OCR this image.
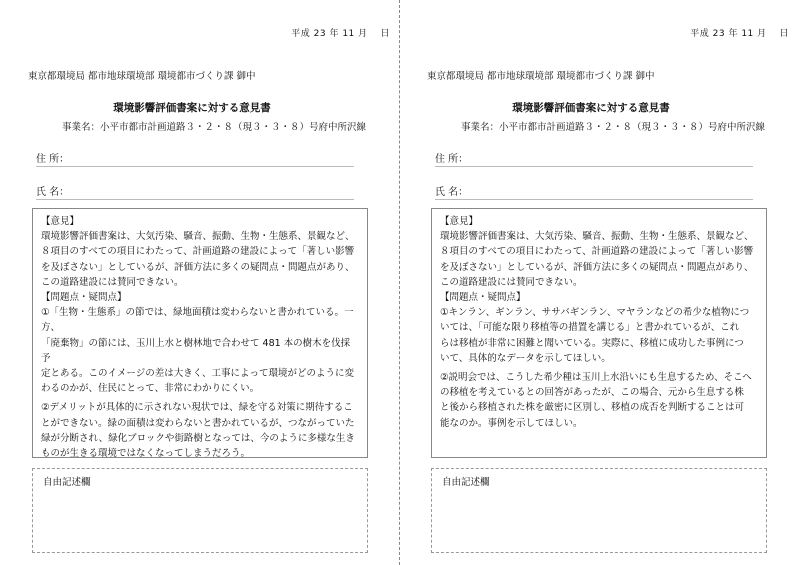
平成 23 年 11 月　 日
東京都環境局 都市地球環境部 環境都市づくり課 御中
環境影響評価書案に対する意見書
事業名：小平市都市計画道路３・２・８（現３・３・８）号府中所沢線
住 所：
氏 名：

【意見】

環境影響評価書案は、大気汚染、騒音、振動、生物・生態系、景観など、

８項目のすべての項目にわたって、計画道路の建設によって「著しい影響

を及ぼさない」としているが、評価方法に多くの疑問点・問題点があり、

この道路建設には賛同できない。

【問題点・疑問点】

①「生物・生態系」の節では、緑地面積は変わらないと書かれている。一方、

「廃棄物」の節には、玉川上水と樹林地で合わせて 481 本の樹木を伐採予

定とある。このイメージの差は大きく、工事によって環境がどのように変

わるのかが、住民にとって、非常にわかりにくい。

②デメリットが具体的に示されない現状では、緑を守る対策に期待するこ

とができない。緑の面積は変わらないと書かれているが、つながっていた

緑が分断され、緑化ブロックや街路樹となっては、今のように多様な生き

ものが生きる環境ではなくなってしまうだろう。

自由記述欄
平成 23 年 11 月　 日
東京都環境局 都市地球環境部 環境都市づくり課 御中
環境影響評価書案に対する意見書
事業名：小平市都市計画道路３・２・８（現３・３・８）号府中所沢線
住 所：
氏 名：

【意見】

環境影響評価書案は、大気汚染、騒音、振動、生物・生態系、景観など、

８項目のすべての項目にわたって、計画道路の建設によって「著しい影響

を及ぼさない」としているが、評価方法に多くの疑問点・問題点があり、

この道路建設には賛同できない。

【問題点・疑問点】

①キンラン、ギンラン、ササバギンラン、マヤランなどの希少な植物につ

いては、「可能な限り移植等の措置を講じる」と書かれているが、これ

らは移植が非常に困難と聞いている。実際に、移植に成功した事例につ

いて、具体的なデータを示してほしい。

②説明会では、こうした希少種は玉川上水沿いにも生息するため、そこへ

の移植を考えているとの回答があったが、この場合、元から生息する株

と後から移植された株を厳密に区別し、移植の成否を判断することは可

能なのか。事例を示してほしい。

自由記述欄
